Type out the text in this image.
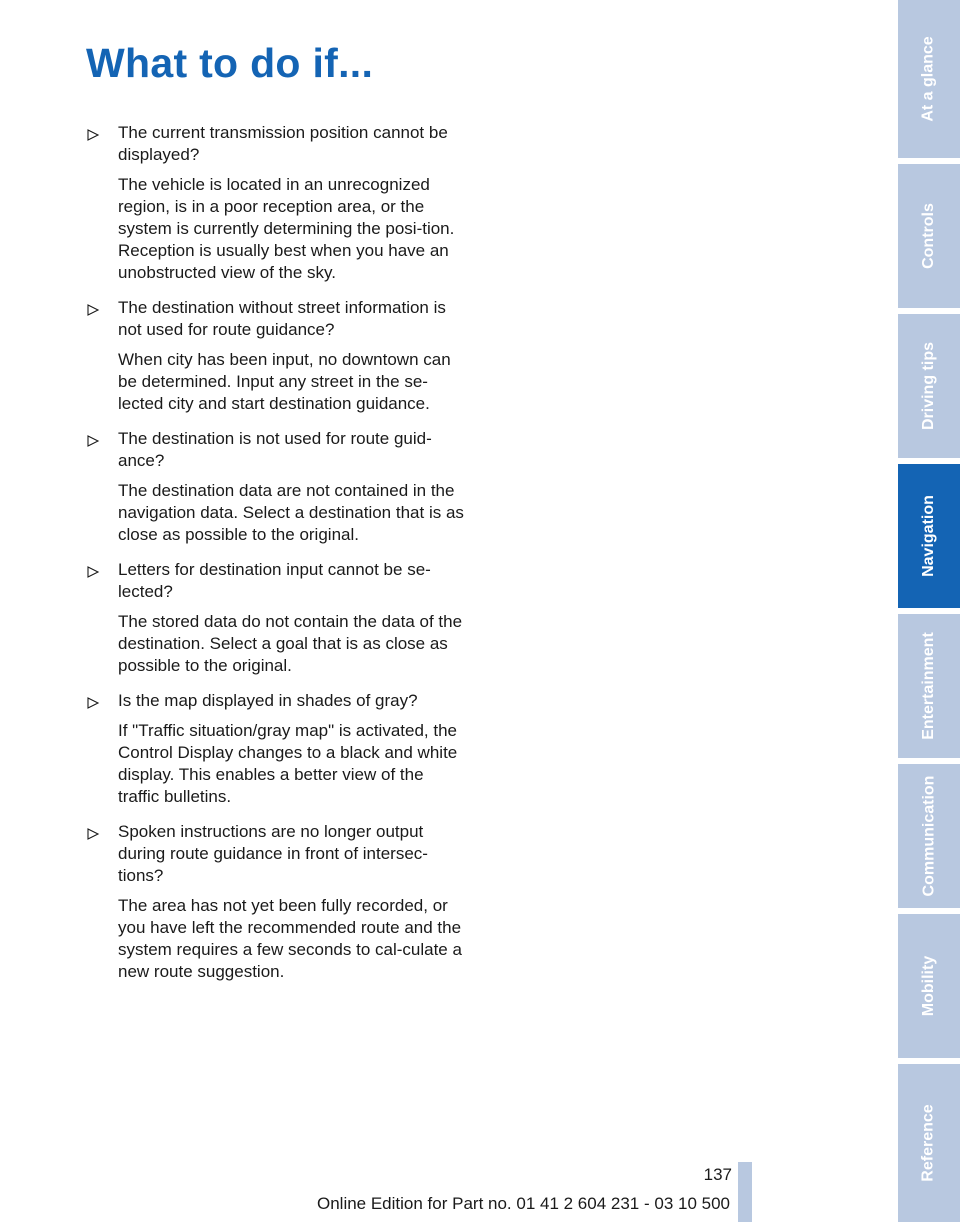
What to do if...

The current transmission position cannot be displayed?

The vehicle is located in an unrecognized region, is in a poor reception area, or the system is currently determining the posi-tion. Reception is usually best when you have an unobstructed view of the sky.

The destination without street information is not used for route guidance?

When city has been input, no downtown can be determined. Input any street in the se-lected city and start destination guidance.

The destination is not used for route guid-ance?

The destination data are not contained in the navigation data. Select a destination that is as close as possible to the original.

Letters for destination input cannot be se-lected?

The stored data do not contain the data of the destination. Select a goal that is as close as possible to the original.

Is the map displayed in shades of gray?

If "Traffic situation/gray map" is activated, the Control Display changes to a black and white display. This enables a better view of the traffic bulletins.

Spoken instructions are no longer output during route guidance in front of intersec-tions?

The area has not yet been fully recorded, or you have left the recommended route and the system requires a few seconds to cal-culate a new route suggestion.

At a glance
Controls
Driving tips
Navigation
Entertainment
Communication
Mobility
Reference
137
Online Edition for Part no. 01 41 2 604 231 - 03 10 500
